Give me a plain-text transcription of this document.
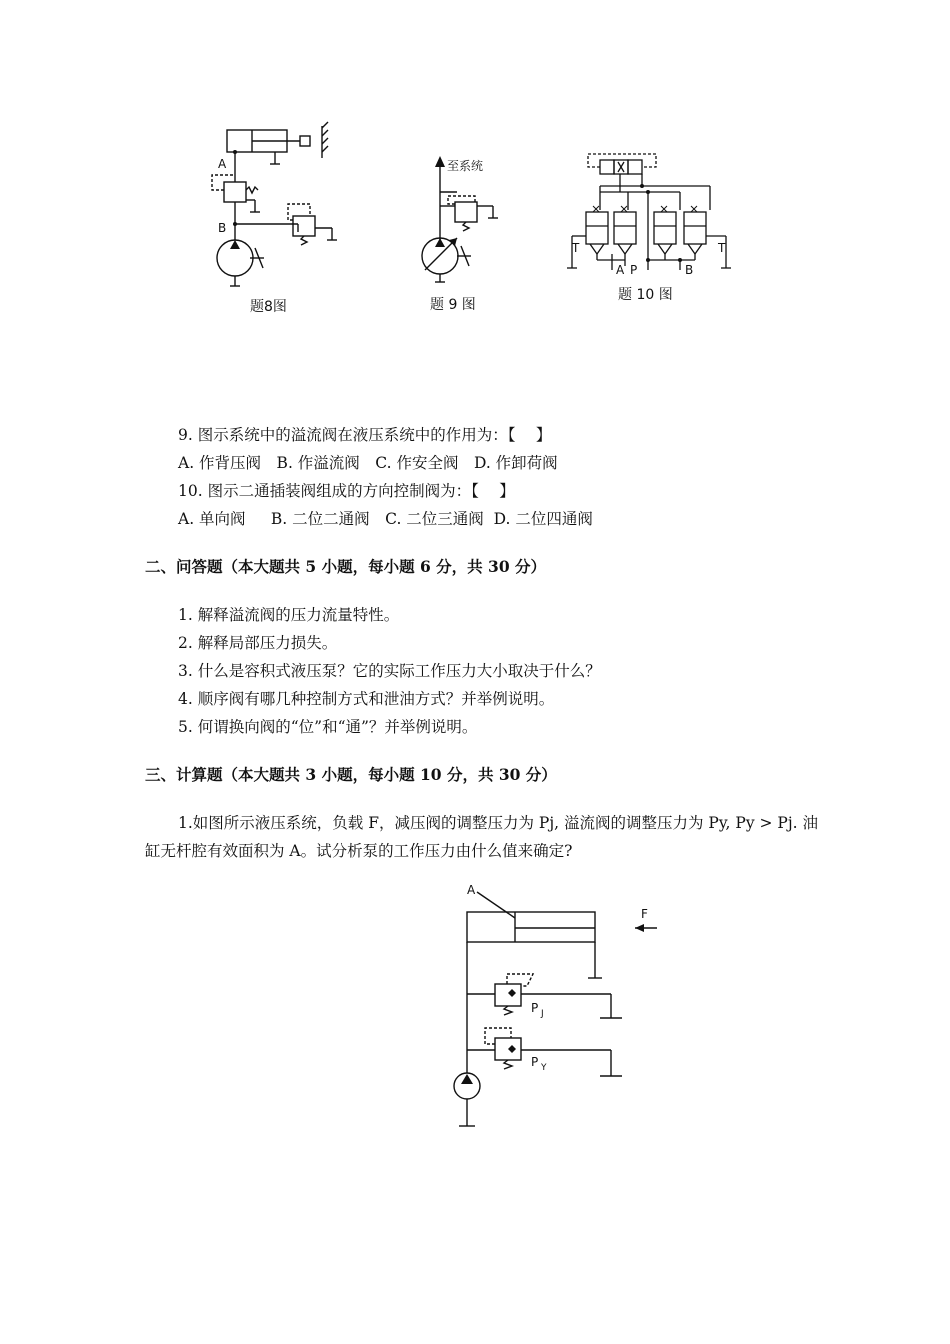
A
B
题8图
至系统
题 9 图
T	T
A P	B
题 10 图
9. 图示系统中的溢流阀在液压系统中的作用为：【　 】
A. 作背压阀　B. 作溢流阀　C. 作安全阀　D. 作卸荷阀
10. 图示二通插装阀组成的方向控制阀为：【　 】
A. 单向阀　  B. 二位二通阀　C. 二位三通阀  D. 二位四通阀
二、问答题（本大题共 5 小题，每小题 6 分，共 30 分）
1. 解释溢流阀的压力流量特性。
2. 解释局部压力损失。
3. 什么是容积式液压泵？它的实际工作压力大小取决于什么？
4. 顺序阀有哪几种控制方式和泄油方式？并举例说明。
5. 何谓换向阀的“位”和“通”？并举例说明。
三、计算题（本大题共 3 小题，每小题 10 分，共 30 分）
1.如图所示液压系统，负载 F，减压阀的调整压力为 Pj, 溢流阀的调整压力为 Py, Py > Pj. 油缸无杆腔有效面积为 A。试分析泵的工作压力由什么值来确定?
A
F
P J
P Y
